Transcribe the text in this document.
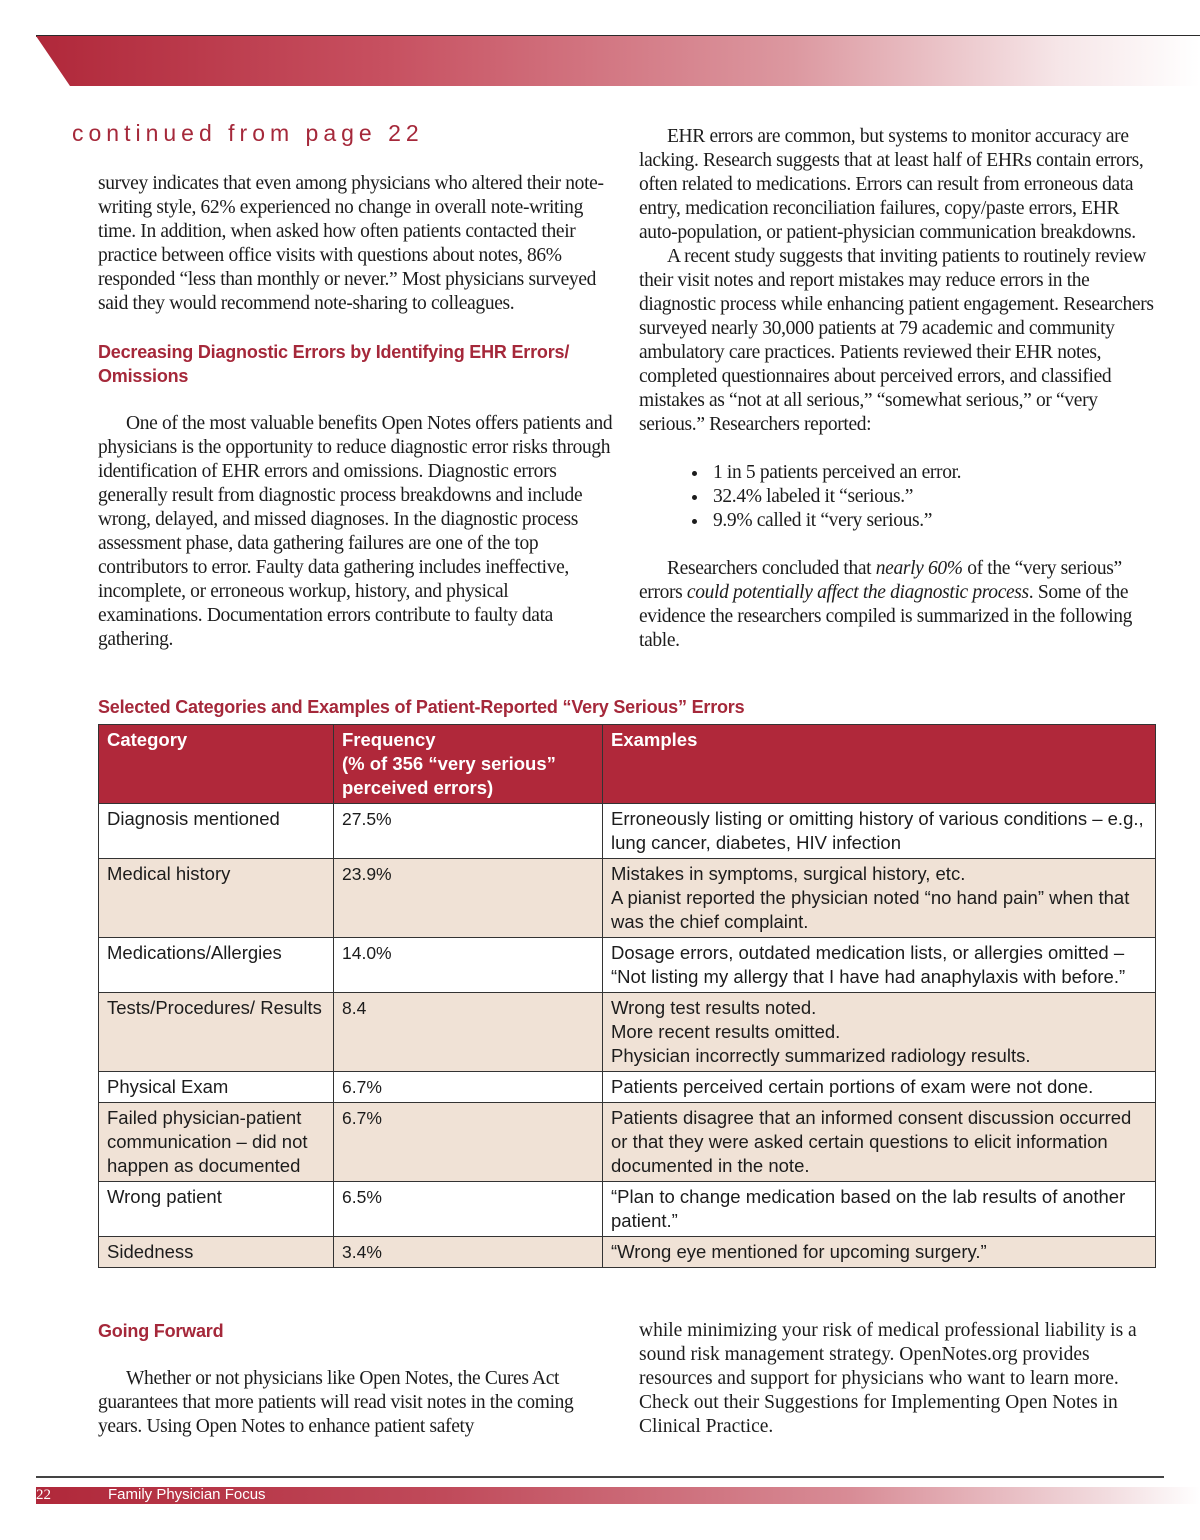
continued from page 22

survey indicates that even among physicians who altered their note-writing style, 62% experienced no change in overall note-writing time. In addition, when asked how often patients contacted their practice between office visits with questions about notes, 86% responded “less than monthly or never.” Most physicians surveyed said they would recommend note-sharing to colleagues.

Decreasing Diagnostic Errors by Identifying EHR Errors/ Omissions

One of the most valuable benefits Open Notes offers patients and physicians is the opportunity to reduce diagnostic error risks through identification of EHR errors and omissions. Diagnostic errors generally result from diagnostic process breakdowns and include wrong, delayed, and missed diagnoses. In the diagnostic process assessment phase, data gathering failures are one of the top contributors to error. Faulty data gathering includes ineffective, incomplete, or erroneous workup, history, and physical examinations. Documentation errors contribute to faulty data gathering.

EHR errors are common, but systems to monitor accuracy are lacking. Research suggests that at least half of EHRs contain errors, often related to medications. Errors can result from erroneous data entry, medication reconciliation failures, copy/paste errors, EHR auto-population, or patient-physician communication breakdowns.

A recent study suggests that inviting patients to routinely review their visit notes and report mistakes may reduce errors in the diagnostic process while enhancing patient engagement. Researchers surveyed nearly 30,000 patients at 79 academic and community ambulatory care practices. Patients reviewed their EHR notes, completed questionnaires about perceived errors, and classified mistakes as “not at all serious,” “somewhat serious,” or “very serious.” Researchers reported:

• 1 in 5 patients perceived an error.
• 32.4% labeled it “serious.”
• 9.9% called it “very serious.”

Researchers concluded that nearly 60% of the “very serious” errors could potentially affect the diagnostic process. Some of the evidence the researchers compiled is summarized in the following table.

Selected Categories and Examples of Patient-Reported “Very Serious” Errors
Category	Frequency
(% of 356 “very serious”
perceived errors)	Examples
Diagnosis mentioned	27.5%	Erroneously listing or omitting history of various conditions – e.g., lung cancer, diabetes, HIV infection

Medical history	23.9%	Mistakes in symptoms, surgical history, etc.
A pianist reported the physician noted “no hand pain” when that was the chief complaint.

Medications/Allergies	14.0%	Dosage errors, outdated medication lists, or allergies omitted – “Not listing my allergy that I have had anaphylaxis with before.”

Tests/Procedures/ Results	8.4	Wrong test results noted.
More recent results omitted.
Physician incorrectly summarized radiology results.

Physical Exam	6.7%	Patients perceived certain portions of exam were not done.

Failed physician-patient communication – did not happen as documented	6.7%	Patients disagree that an informed consent discussion occurred or that they were asked certain questions to elicit information documented in the note.

Wrong patient	6.5%	“Plan to change medication based on the lab results of another patient.”

Sidedness	3.4%	“Wrong eye mentioned for upcoming surgery.”
Going Forward

Whether or not physicians like Open Notes, the Cures Act guarantees that more patients will read visit notes in the coming years. Using Open Notes to enhance patient safety

while minimizing your risk of medical professional liability is a sound risk management strategy. OpenNotes.org provides resources and support for physicians who want to learn more. Check out their Suggestions for Implementing Open Notes in Clinical Practice.

22	Family Physician Focus
